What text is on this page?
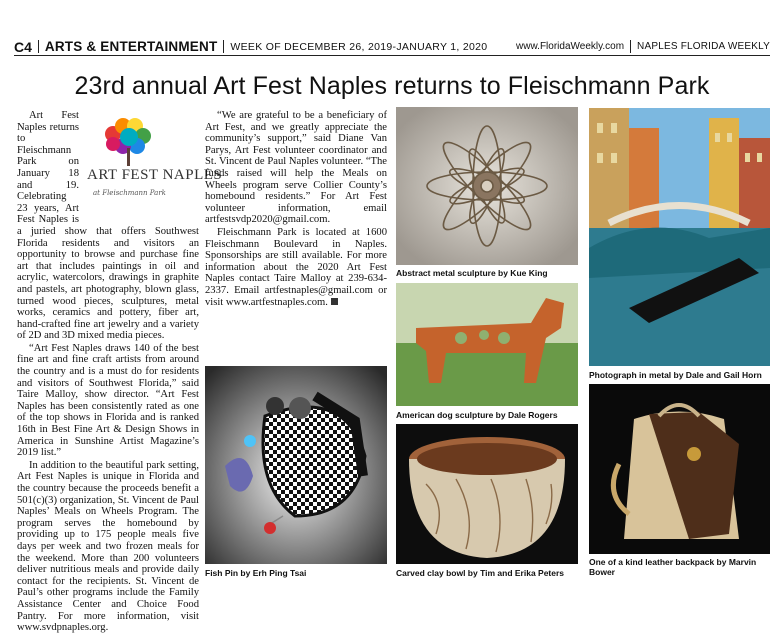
C4 ARTS & ENTERTAINMENT WEEK OF DECEMBER 26, 2019-JANUARY 1, 2020	www.FloridaWeekly.com NAPLES FLORIDA WEEKLY
23rd annual Art Fest Naples returns to Fleischmann Park
ART FEST NAPLES
at Fleischmann Park

Art Fest Naples returns to Fleischmann Park on January 18 and 19. Celebrating 23 years, Art Fest Naples is a juried show that offers Southwest Florida residents and visitors an opportunity to browse and purchase fine art that includes paintings in oil and acrylic, watercolors, drawings in graphite and pastels, art photography, blown glass, turned wood pieces, sculptures, metal works, ceramics and pottery, fiber art, hand-crafted fine art jewelry and a variety of 2D and 3D mixed media pieces.

“Art Fest Naples draws 140 of the best fine art and fine craft artists from around the country and is a must do for residents and visitors of Southwest Florida,” said Taire Malloy, show director. “Art Fest Naples has been consistently rated as one of the top shows in Florida and is ranked 16th in Best Fine Art & Design Shows in America in Sunshine Artist Magazine’s 2019 list.”

In addition to the beautiful park setting, Art Fest Naples is unique in Florida and the country because the proceeds benefit a 501(c)(3) organization, St. Vincent de Paul Naples’ Meals on Wheels Program. The program serves the homebound by providing up to 175 people meals five days per week and two frozen meals for the weekend. More than 200 volunteers deliver nutritious meals and provide daily contact for the recipients. St. Vincent de Paul’s other programs include the Family Assistance Center and Choice Food Pantry. For more information, visit www.svdpnaples.org.

“We are grateful to be a beneficiary of Art Fest, and we greatly appreciate the community’s support,” said Diane Van Parys, Art Fest volunteer coordinator and St. Vincent de Paul Naples volunteer. “The funds raised will help the Meals on Wheels program serve Collier County’s homebound residents.” For Art Fest volunteer information, email artfestsvdp2020@gmail.com.

Fleischmann Park is located at 1600 Fleischmann Boulevard in Naples. Sponsorships are still available. For more information about the 2020 Art Fest Naples contact Taire Malloy at 239-634-2337. Email artfestnaples@gmail.com or visit www.artfestnaples.com.

Abstract metal sculpture by Kue King
Photograph in metal by Dale and Gail Horn
American dog sculpture by Dale Rogers
Fish Pin by Erh Ping Tsai	Carved clay bowl by Tim and Erika Peters
One of a kind leather backpack by Marvin Bower
